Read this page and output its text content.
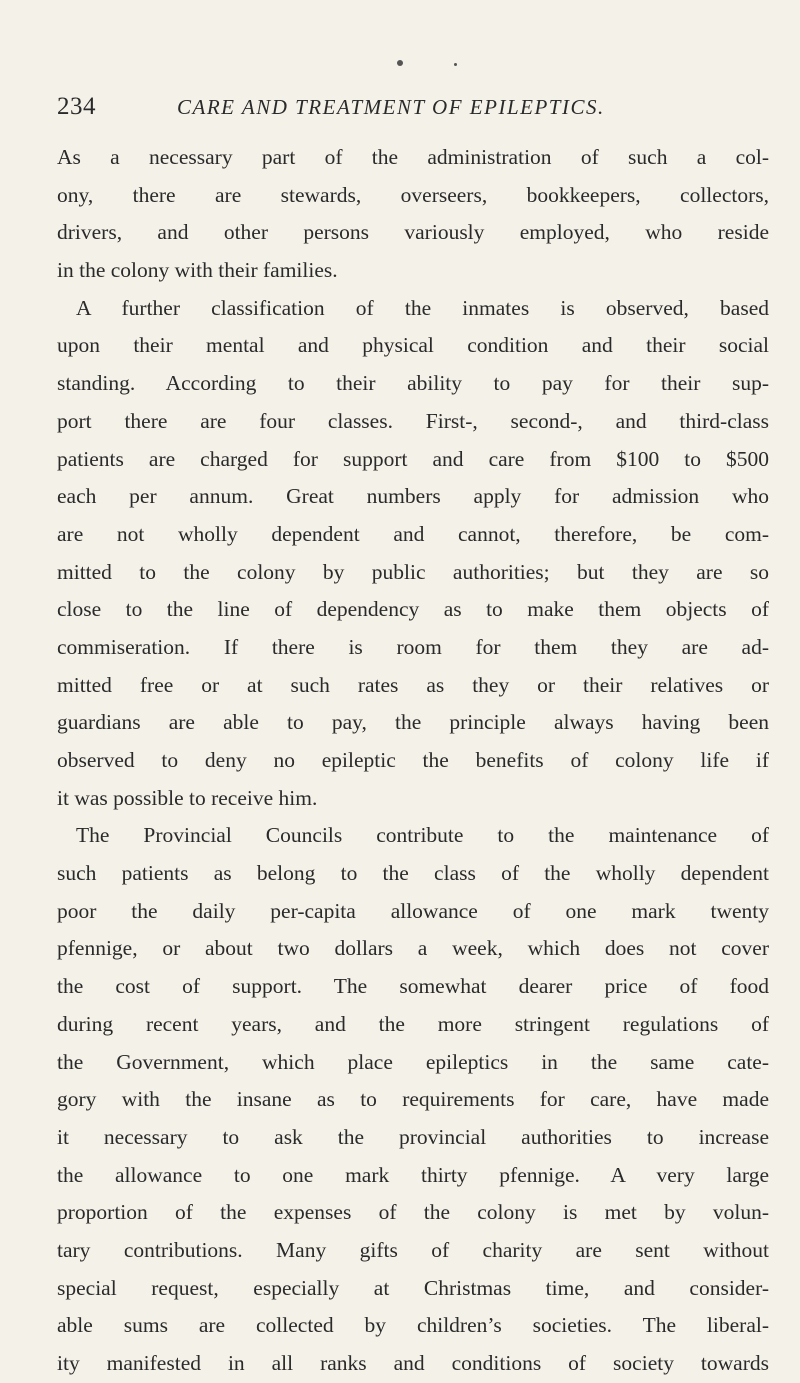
234	CARE AND TREATMENT OF EPILEPTICS.
As a necessary part of the administration of such a col-
ony, there are stewards, overseers, bookkeepers, collectors,
drivers, and other persons variously employed, who reside
in the colony with their families.
A further classification of the inmates is observed, based
upon their mental and physical condition and their social
standing. According to their ability to pay for their sup-
port there are four classes. First-, second-, and third-class
patients are charged for support and care from $100 to $500
each per annum. Great numbers apply for admission who
are not wholly dependent and cannot, therefore, be com-
mitted to the colony by public authorities; but they are so
close to the line of dependency as to make them objects of
commiseration. If there is room for them they are ad-
mitted free or at such rates as they or their relatives or
guardians are able to pay, the principle always having been
observed to deny no epileptic the benefits of colony life if
it was possible to receive him.
The Provincial Councils contribute to the maintenance of
such patients as belong to the class of the wholly dependent
poor the daily per-capita allowance of one mark twenty
pfennige, or about two dollars a week, which does not cover
the cost of support. The somewhat dearer price of food
during recent years, and the more stringent regulations of
the Government, which place epileptics in the same cate-
gory with the insane as to requirements for care, have made
it necessary to ask the provincial authorities to increase
the allowance to one mark thirty pfennige. A very large
proportion of the expenses of the colony is met by volun-
tary contributions. Many gifts of charity are sent without
special request, especially at Christmas time, and consider-
able sums are collected by children’s societies. The liberal-
ity manifested in all ranks and conditions of society towards
